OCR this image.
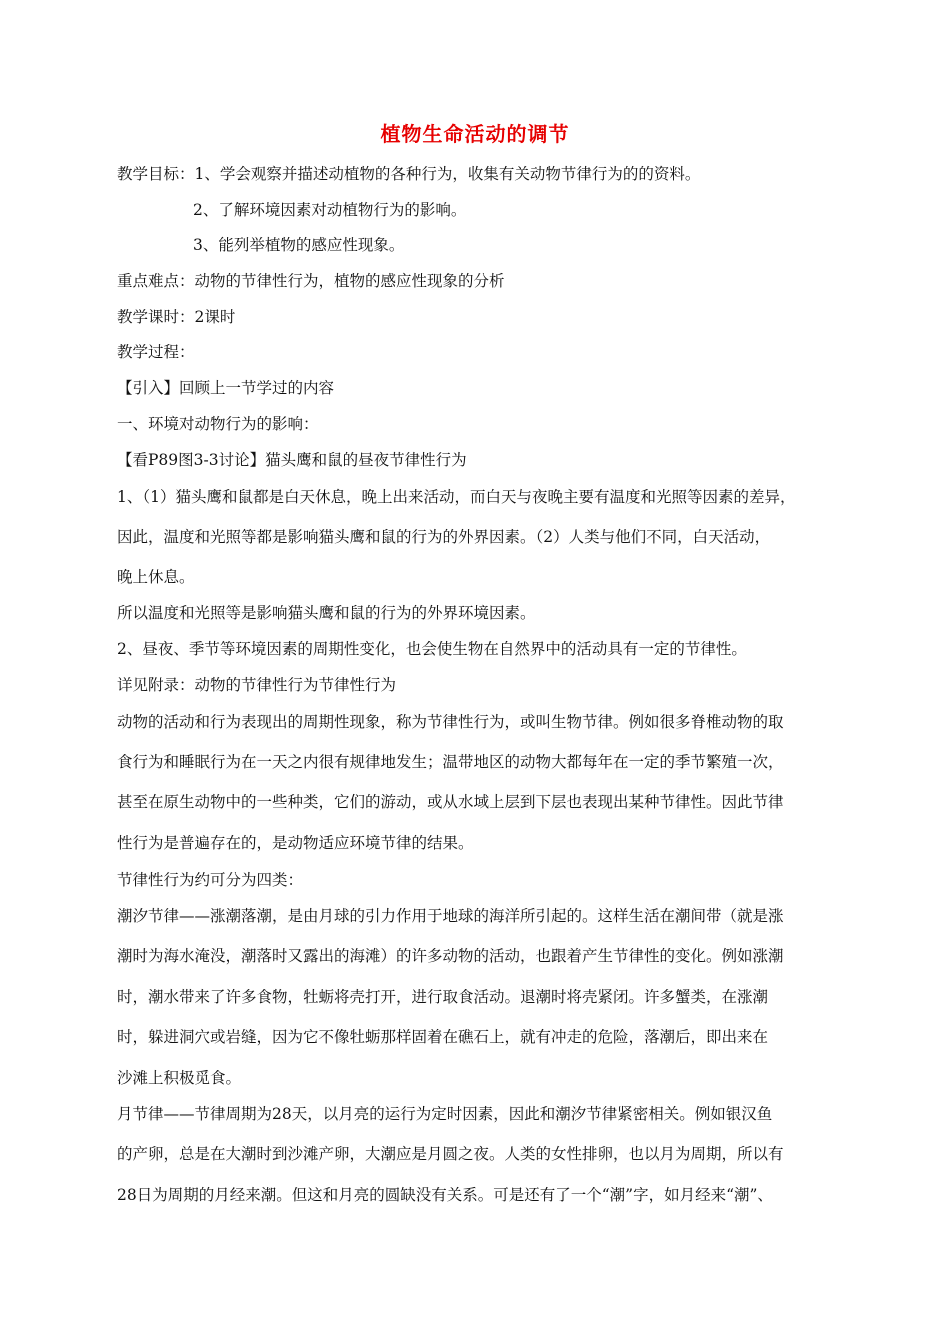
植物生命活动的调节
教学目标：1、学会观察并描述动植物的各种行为，收集有关动物节律行为的的资料。
2、了解环境因素对动植物行为的影响。
3、能列举植物的感应性现象。
重点难点：动物的节律性行为，植物的感应性现象的分析
教学课时：2课时
教学过程：
【引入】回顾上一节学过的内容
一、环境对动物行为的影响：
【看P89图3-3讨论】猫头鹰和鼠的昼夜节律性行为
1、（1）猫头鹰和鼠都是白天休息，晚上出来活动，而白天与夜晚主要有温度和光照等因素的差异，
因此，温度和光照等都是影响猫头鹰和鼠的行为的外界因素。（2）人类与他们不同，白天活动，
晚上休息。
所以温度和光照等是影响猫头鹰和鼠的行为的外界环境因素。
2、昼夜、季节等环境因素的周期性变化，也会使生物在自然界中的活动具有一定的节律性。
详见附录：动物的节律性行为节律性行为
动物的活动和行为表现出的周期性现象，称为节律性行为，或叫生物节律。例如很多脊椎动物的取
食行为和睡眠行为在一天之内很有规律地发生；温带地区的动物大都每年在一定的季节繁殖一次，
甚至在原生动物中的一些种类，它们的游动，或从水域上层到下层也表现出某种节律性。因此节律
性行为是普遍存在的，是动物适应环境节律的结果。
节律性行为约可分为四类：
潮汐节律——涨潮落潮，是由月球的引力作用于地球的海洋所引起的。这样生活在潮间带（就是涨
潮时为海水淹没，潮落时又露出的海滩）的许多动物的活动，也跟着产生节律性的变化。例如涨潮
时，潮水带来了许多食物，牡蛎将壳打开，进行取食活动。退潮时将壳紧闭。许多蟹类，在涨潮
时，躲进洞穴或岩缝，因为它不像牡蛎那样固着在礁石上，就有冲走的危险，落潮后，即出来在
沙滩上积极觅食。
月节律——节律周期为28天，以月亮的运行为定时因素，因此和潮汐节律紧密相关。例如银汉鱼
的产卵，总是在大潮时到沙滩产卵，大潮应是月圆之夜。人类的女性排卵，也以月为周期，所以有
28日为周期的月经来潮。但这和月亮的圆缺没有关系。可是还有了一个“潮”字，如月经来“潮”、
